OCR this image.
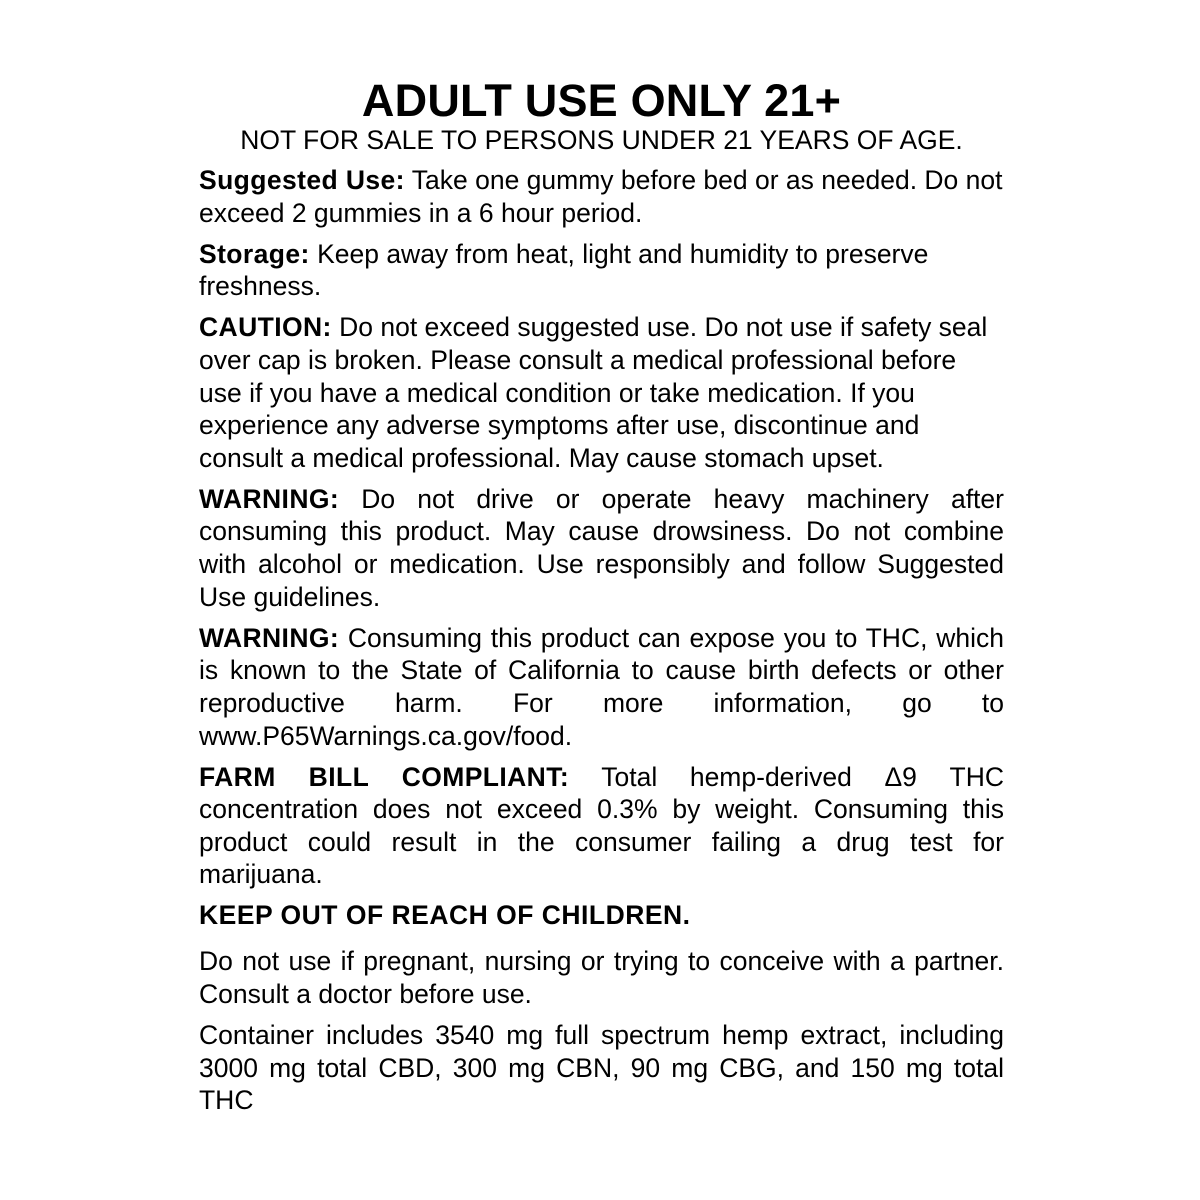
ADULT USE ONLY 21+

NOT FOR SALE TO PERSONS UNDER 21 YEARS OF AGE.

Suggested Use: Take one gummy before bed or as needed. Do not exceed 2 gummies in a 6 hour period.

Storage: Keep away from heat, light and humidity to preserve freshness.

CAUTION: Do not exceed suggested use. Do not use if safety seal over cap is broken. Please consult a medical professional before use if you have a medical condition or take medication. If you experience any adverse symptoms after use, discontinue and consult a medical professional. May cause stomach upset.

WARNING: Do not drive or operate heavy machinery after consuming this product. May cause drowsiness. Do not combine with alcohol or medication. Use responsibly and follow Suggested Use guidelines.

WARNING: Consuming this product can expose you to THC, which is known to the State of California to cause birth defects or other reproductive harm. For more information, go to www.P65Warnings.ca.gov/food.

FARM BILL COMPLIANT: Total hemp-derived Δ9 THC concentration does not exceed 0.3% by weight. Consuming this product could result in the consumer failing a drug test for marijuana.

KEEP OUT OF REACH OF CHILDREN.

Do not use if pregnant, nursing or trying to conceive with a partner. Consult a doctor before use.

Container includes 3540 mg full spectrum hemp extract, including 3000 mg total CBD, 300 mg CBN, 90 mg CBG, and 150 mg total THC
